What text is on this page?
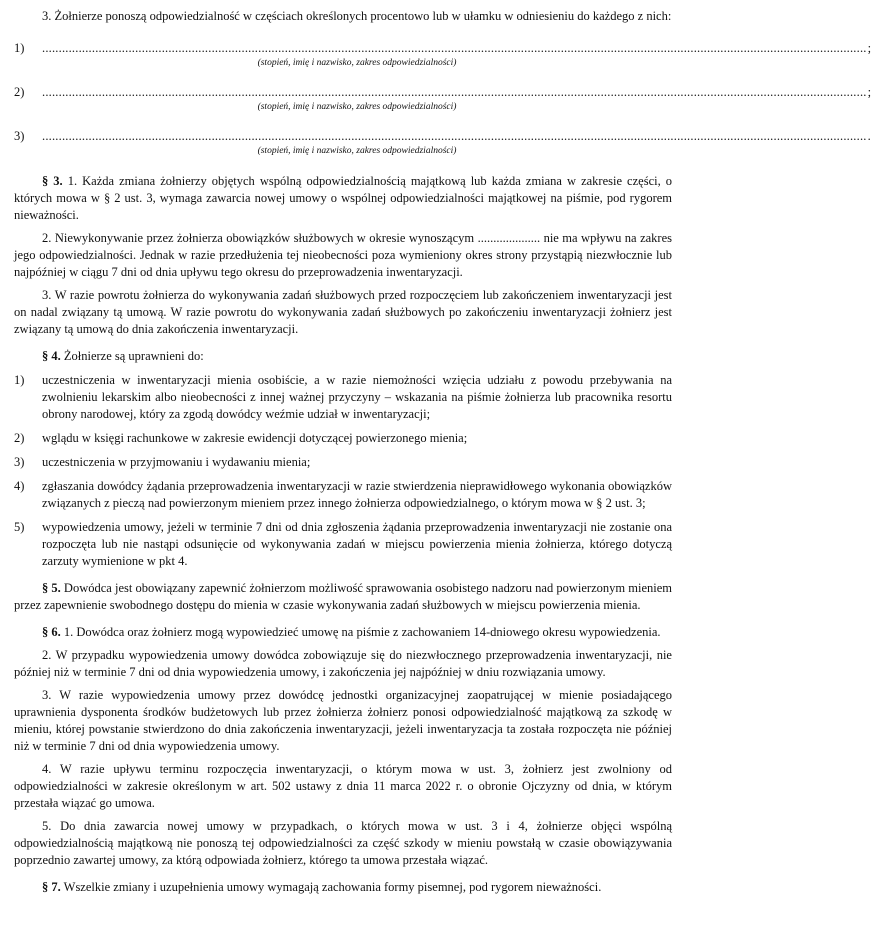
3. Żołnierze ponoszą odpowiedzialność w częściach określonych procentowo lub w ułamku w odniesieniu do każdego z nich:

1)	........................................................................................................................................................................................................................................................ ;

(stopień, imię i nazwisko, zakres odpowiedzialności)

2)	........................................................................................................................................................................................................................................................ ;

(stopień, imię i nazwisko, zakres odpowiedzialności)

3)	........................................................................................................................................................................................................................................................ .

(stopień, imię i nazwisko, zakres odpowiedzialności)

§ 3. 1. Każda zmiana żołnierzy objętych wspólną odpowiedzialnością majątkową lub każda zmiana w zakresie części, o których mowa w § 2 ust. 3, wymaga zawarcia nowej umowy o wspólnej odpowiedzialności majątkowej na piśmie, pod rygorem nieważności.

2. Niewykonywanie przez żołnierza obowiązków służbowych w okresie wynoszącym .................... nie ma wpływu na zakres jego odpowiedzialności. Jednak w razie przedłużenia tej nieobecności poza wymieniony okres strony przystąpią niezwłocznie lub najpóźniej w ciągu 7 dni od dnia upływu tego okresu do przeprowadzenia inwentaryzacji.

3. W razie powrotu żołnierza do wykonywania zadań służbowych przed rozpoczęciem lub zakończeniem inwentaryzacji jest on nadal związany tą umową. W razie powrotu do wykonywania zadań służbowych po zakończeniu inwentaryzacji żołnierz jest związany tą umową do dnia zakończenia inwentaryzacji.

§ 4. Żołnierze są uprawnieni do:

1)	uczestniczenia w inwentaryzacji mienia osobiście, a w razie niemożności wzięcia udziału z powodu przebywania na zwolnieniu lekarskim albo nieobecności z innej ważnej przyczyny – wskazania na piśmie żołnierza lub pracownika resortu obrony narodowej, który za zgodą dowódcy weźmie udział w inwentaryzacji;
2)	wglądu w księgi rachunkowe w zakresie ewidencji dotyczącej powierzonego mienia;
3)	uczestniczenia w przyjmowaniu i wydawaniu mienia;
4)	zgłaszania dowódcy żądania przeprowadzenia inwentaryzacji w razie stwierdzenia nieprawidłowego wykonania obowiązków związanych z pieczą nad powierzonym mieniem przez innego żołnierza odpowiedzialnego, o którym mowa w § 2 ust. 3;
5)	wypowiedzenia umowy, jeżeli w terminie 7 dni od dnia zgłoszenia żądania przeprowadzenia inwentaryzacji nie zostanie ona rozpoczęta lub nie nastąpi odsunięcie od wykonywania zadań w miejscu powierzenia mienia żołnierza, którego dotyczą zarzuty wymienione w pkt 4.

§ 5. Dowódca jest obowiązany zapewnić żołnierzom możliwość sprawowania osobistego nadzoru nad powierzonym mieniem przez zapewnienie swobodnego dostępu do mienia w czasie wykonywania zadań służbowych w miejscu powierzenia mienia.

§ 6. 1. Dowódca oraz żołnierz mogą wypowiedzieć umowę na piśmie z zachowaniem 14-dniowego okresu wypowiedzenia.

2. W przypadku wypowiedzenia umowy dowódca zobowiązuje się do niezwłocznego przeprowadzenia inwentaryzacji, nie później niż w terminie 7 dni od dnia wypowiedzenia umowy, i zakończenia jej najpóźniej w dniu rozwiązania umowy.

3. W razie wypowiedzenia umowy przez dowódcę jednostki organizacyjnej zaopatrującej w mienie posiadającego uprawnienia dysponenta środków budżetowych lub przez żołnierza żołnierz ponosi odpowiedzialność majątkową za szkodę w mieniu, której powstanie stwierdzono do dnia zakończenia inwentaryzacji, jeżeli inwentaryzacja ta została rozpoczęta nie później niż w terminie 7 dni od dnia wypowiedzenia umowy.

4. W razie upływu terminu rozpoczęcia inwentaryzacji, o którym mowa w ust. 3, żołnierz jest zwolniony od odpowiedzialności w zakresie określonym w art. 502 ustawy z dnia 11 marca 2022 r. o obronie Ojczyzny od dnia, w którym przestała wiązać go umowa.

5. Do dnia zawarcia nowej umowy w przypadkach, o których mowa w ust. 3 i 4, żołnierze objęci wspólną odpowiedzialnością majątkową nie ponoszą tej odpowiedzialności za część szkody w mieniu powstałą w czasie obowiązywania poprzednio zawartej umowy, za którą odpowiada żołnierz, którego ta umowa przestała wiązać.

§ 7. Wszelkie zmiany i uzupełnienia umowy wymagają zachowania formy pisemnej, pod rygorem nieważności.
